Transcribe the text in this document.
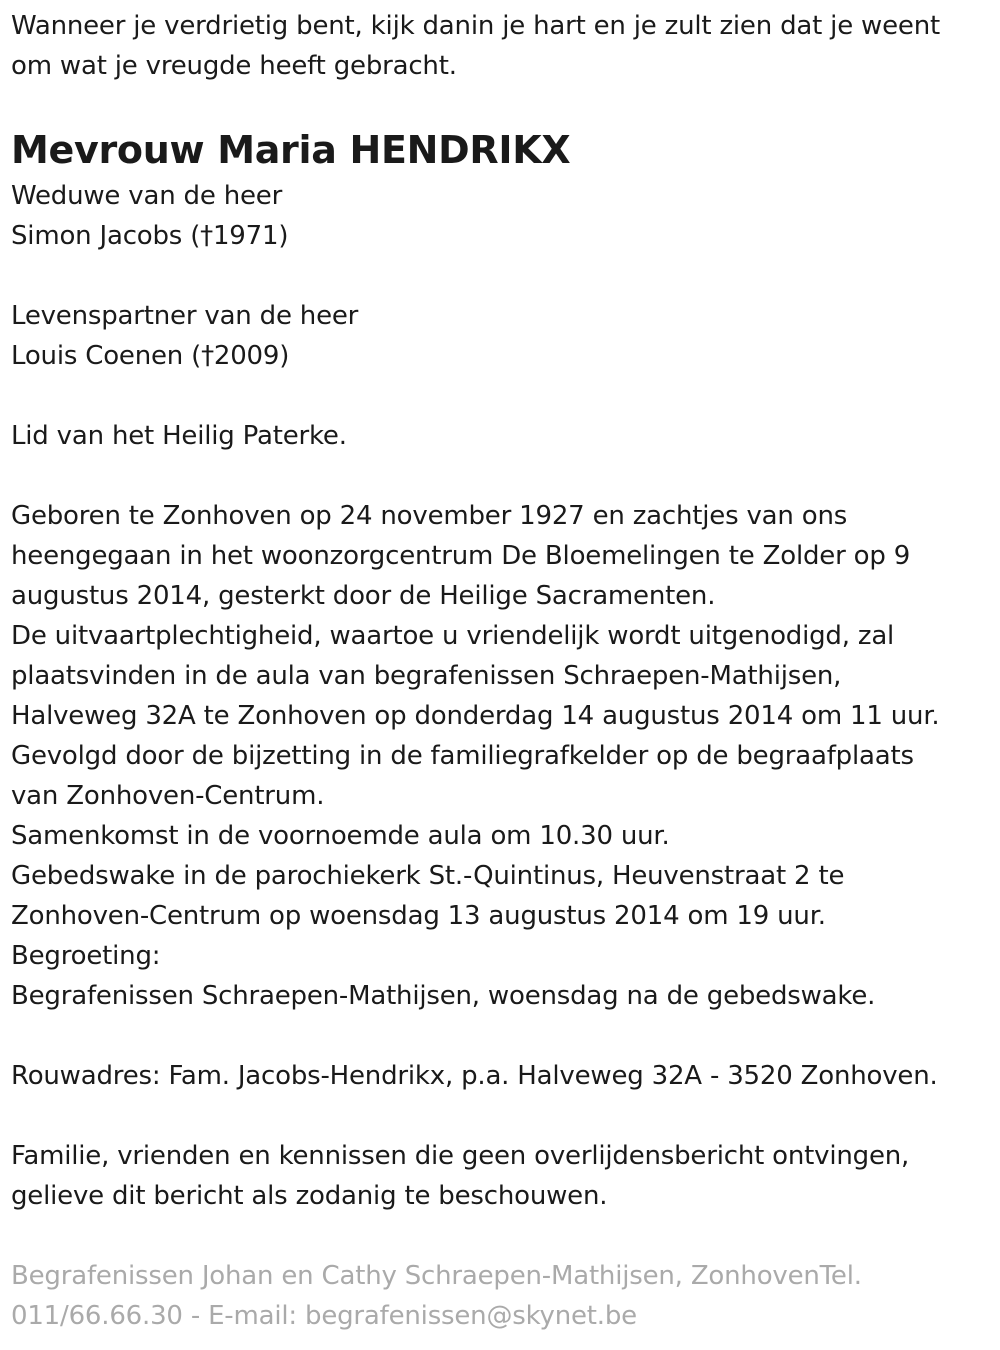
Wanneer je verdrietig bent, kijk danin je hart en je zult zien dat je weent

om wat je vreugde heeft gebracht.

Mevrouw Maria HENDRIKX

Weduwe van de heer

Simon Jacobs (†1971)

Levenspartner van de heer

Louis Coenen (†2009)

Lid van het Heilig Paterke.

Geboren te Zonhoven op 24 november 1927 en zachtjes van ons

heengegaan in het woonzorgcentrum De Bloemelingen te Zolder op 9

augustus 2014, gesterkt door de Heilige Sacramenten.

De uitvaartplechtigheid, waartoe u vriendelijk wordt uitgenodigd, zal

plaatsvinden in de aula van begrafenissen Schraepen-Mathijsen,

Halveweg 32A te Zonhoven op donderdag 14 augustus 2014 om 11 uur.

Gevolgd door de bijzetting in de familiegrafkelder op de begraafplaats

van Zonhoven-Centrum.

Samenkomst in de voornoemde aula om 10.30 uur.

Gebedswake in de parochiekerk St.-Quintinus, Heuvenstraat 2 te

Zonhoven-Centrum op woensdag 13 augustus 2014 om 19 uur.

Begroeting:

Begrafenissen Schraepen-Mathijsen, woensdag na de gebedswake.

Rouwadres: Fam. Jacobs-Hendrikx, p.a. Halveweg 32A - 3520 Zonhoven.

Familie, vrienden en kennissen die geen overlijdensbericht ontvingen,

gelieve dit bericht als zodanig te beschouwen.

Begrafenissen Johan en Cathy Schraepen-Mathijsen, ZonhovenTel.

011/66.66.30 - E-mail: begrafenissen@skynet.be
